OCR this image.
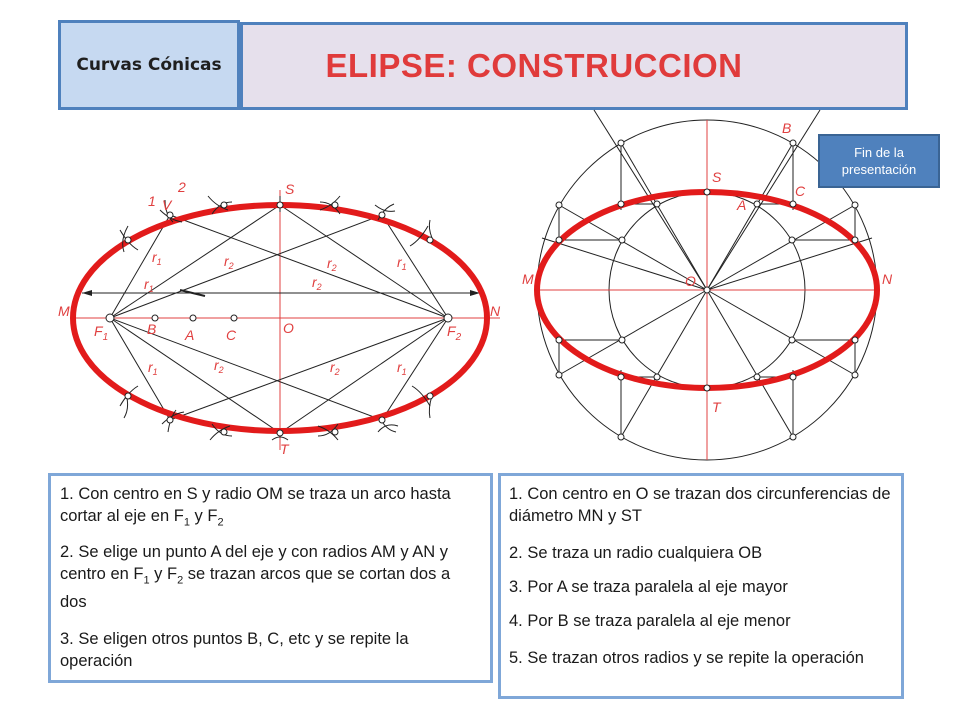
Curvas Cónicas	ELIPSE: CONSTRUCCION
S
T
M	N
O
V
1
2
$F_1$	$F_2$
B A C
$r_1$
$r_1$
$r_2$	$r_2$
$r_2$
$r_1$
$r_1$	$r_2$	$r_2$	$r_1$
B
S
C
A
M	N
O
T
Fin de la presentación
1. Con centro en S y radio OM se traza un arco hasta cortar al eje en $F_1$ y $F_2$
2. Se elige un punto A del eje y con radios AM y AN y centro en $F_1$ y $F_2$ se trazan arcos que se cortan dos a dos
3. Se eligen otros puntos B, C, etc y se repite la operación
1. Con centro en O se trazan dos circunferencias de diámetro MN y ST
2. Se traza un radio cualquiera OB
3. Por A se traza paralela al eje mayor
4. Por B se traza paralela al eje menor
5. Se trazan otros radios y se repite la operación
